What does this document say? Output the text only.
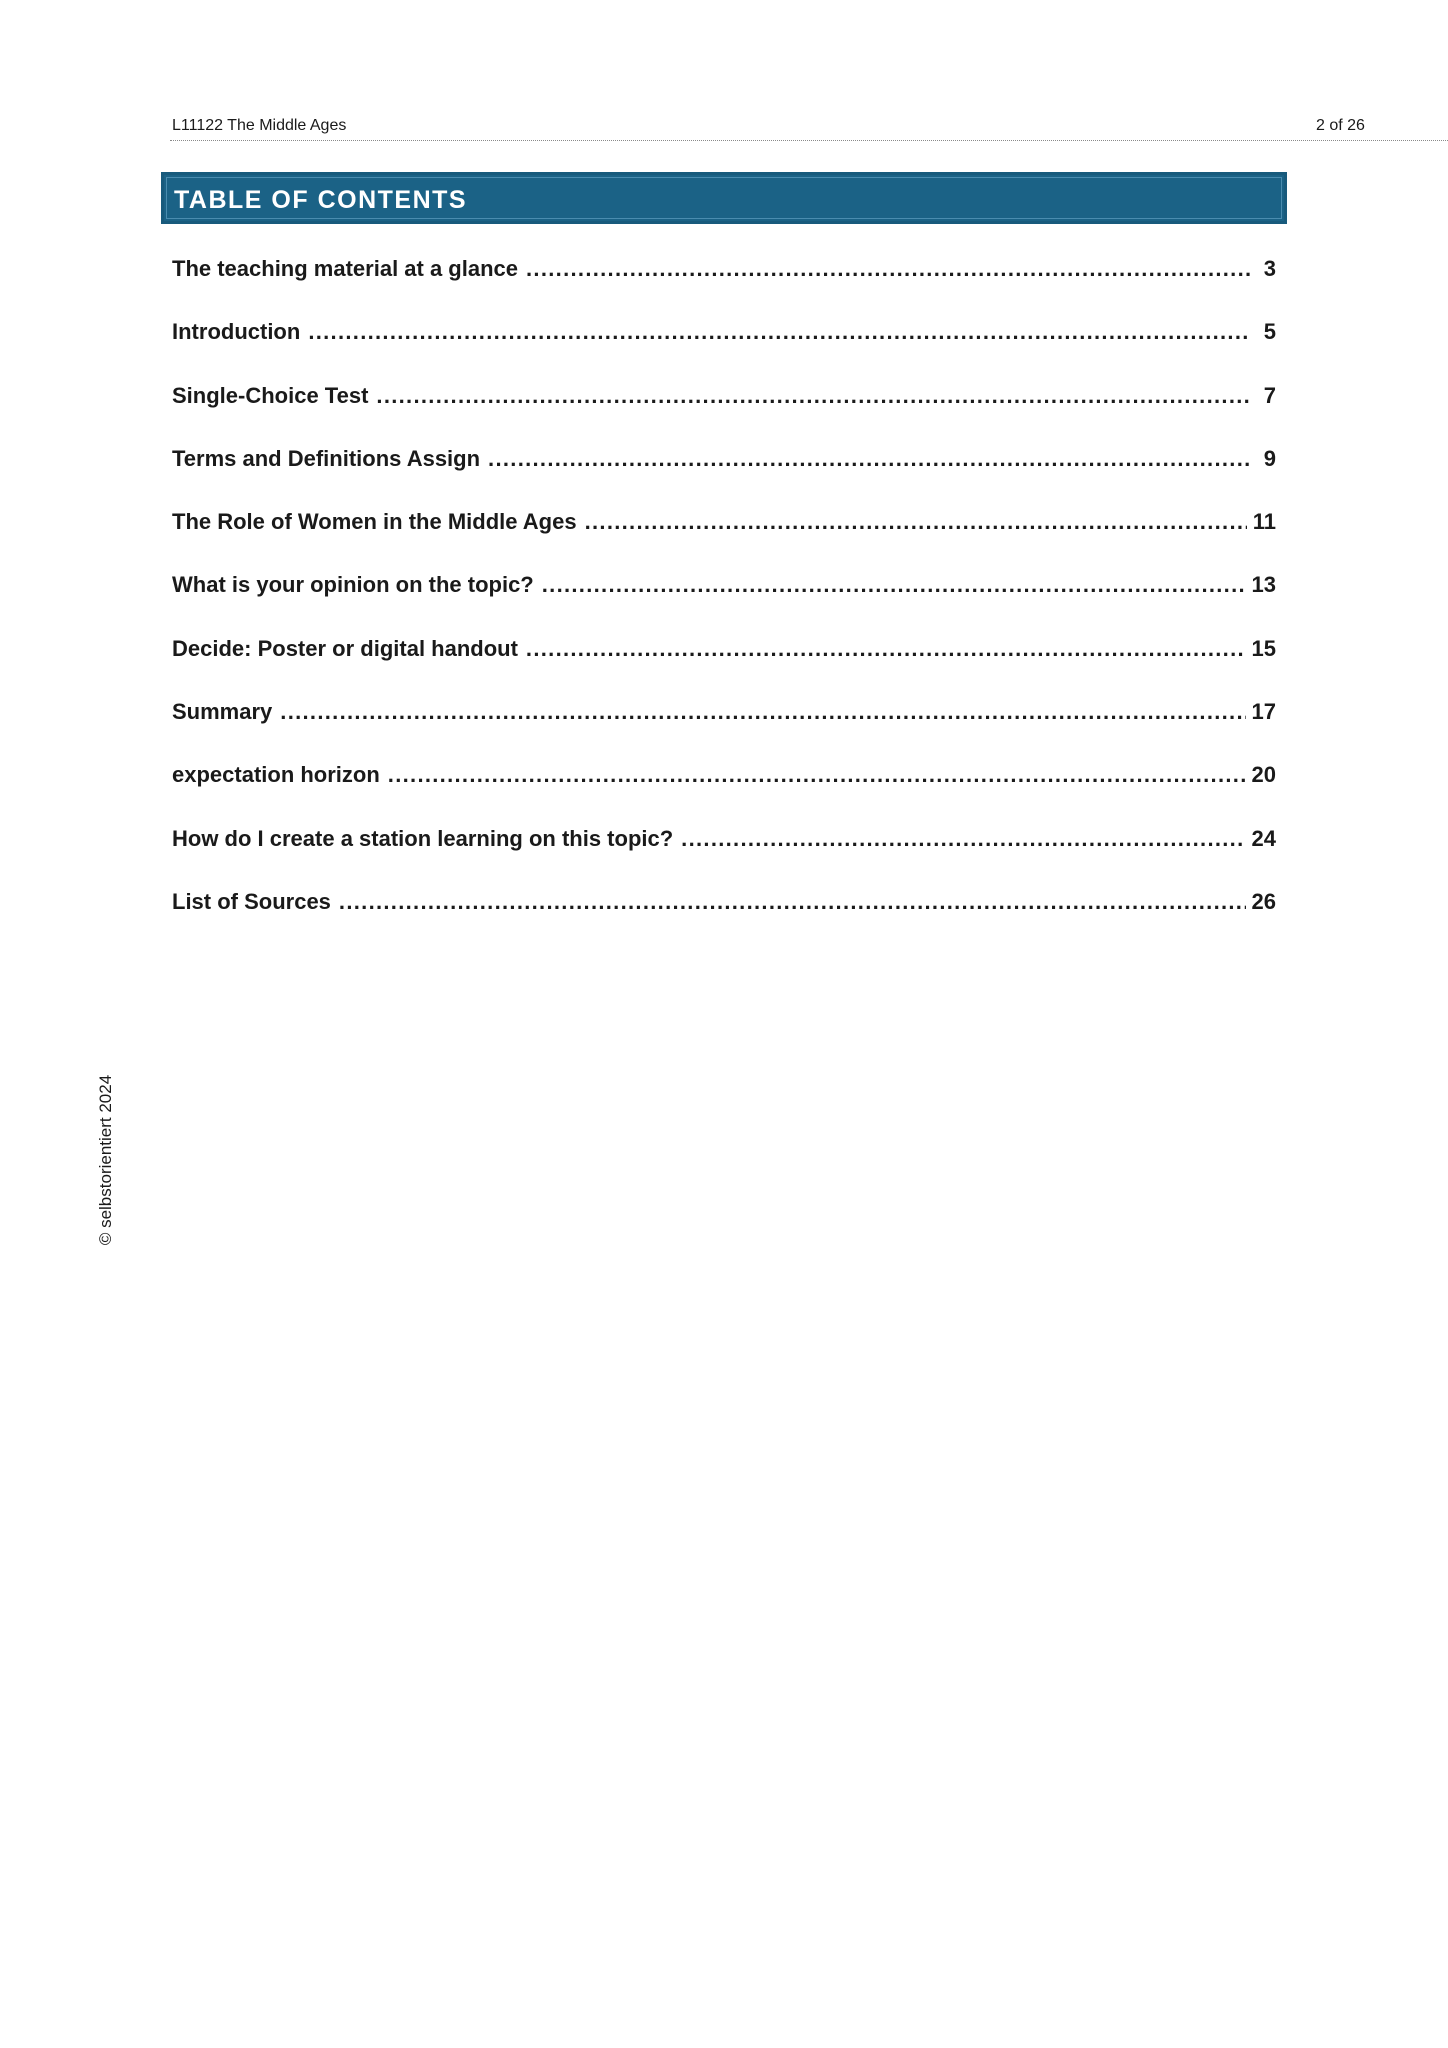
L11122 The Middle Ages	2 of 26
TABLE OF CONTENTS
The teaching material at a glance .....	3
Introduction .....	5
Single-Choice Test .....	7
Terms and Definitions Assign .....	9
The Role of Women in the Middle Ages .....	11
What is your opinion on the topic? .....	13
Decide: Poster or digital handout .....	15
Summary .....	17
expectation horizon .....	20
How do I create a station learning on this topic? .....	24
List of Sources .....	26
© selbstorientiert 2024
